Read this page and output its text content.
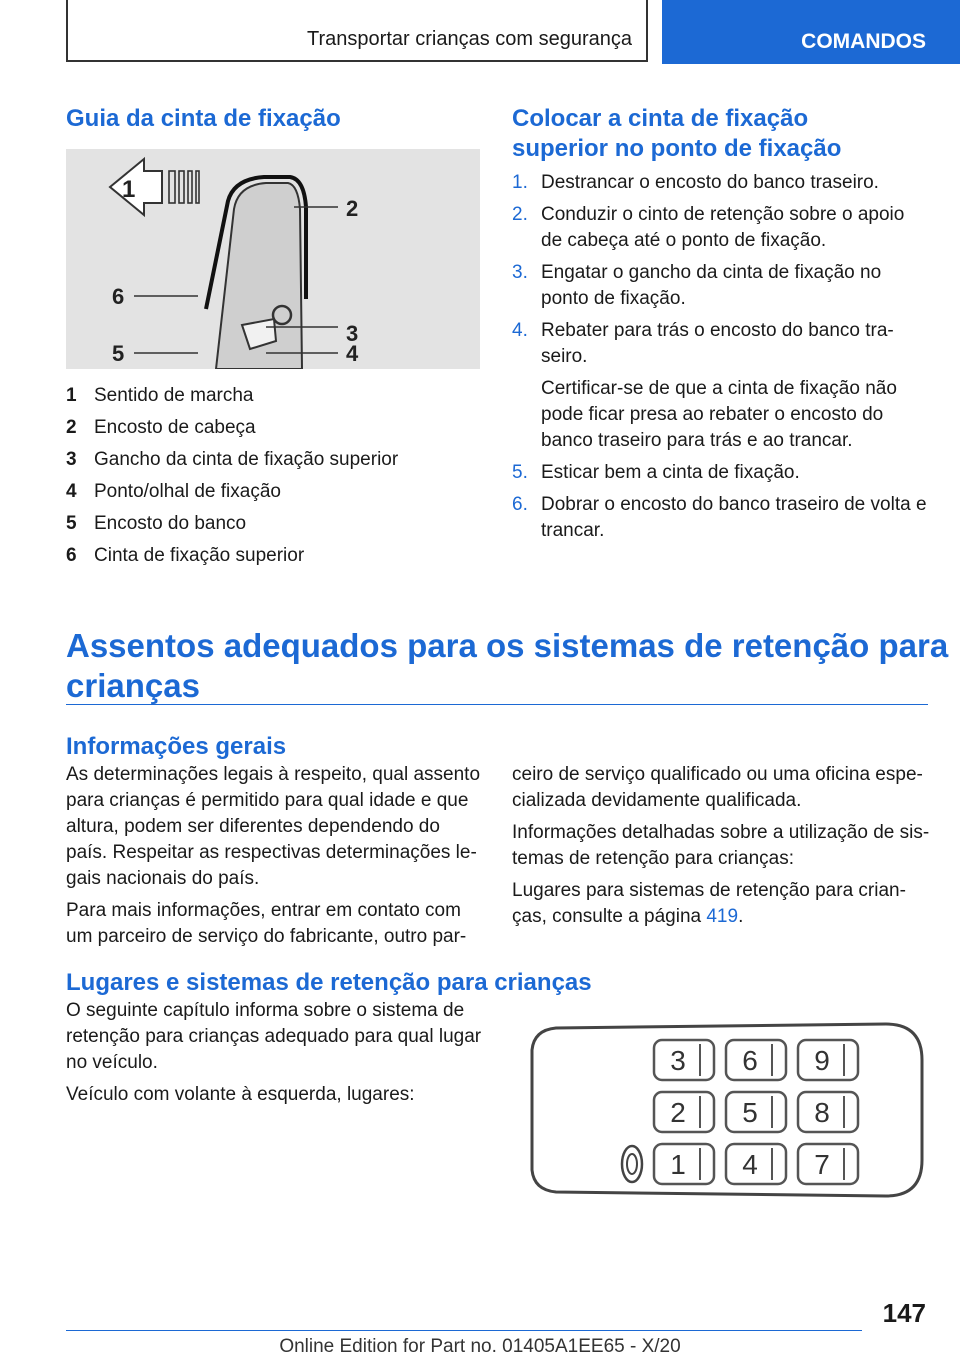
Transportar crianças com segurança	COMANDOS
Guia da cinta de fixação
1
2
6
3
5	4
1 Sentido de marcha
2 Encosto de cabeça
3 Gancho da cinta de fixação superior
4 Ponto/olhal de fixação
5 Encosto do banco
6 Cinta de fixação superior
Colocar a cinta de fixação
superior no ponto de fixação
1. Destrancar o encosto do banco traseiro.
2. Conduzir o cinto de retenção sobre o apoio
de cabeça até o ponto de fixação.
3. Engatar o gancho da cinta de fixação no
ponto de fixação.
4. Rebater para trás o encosto do banco tra-
seiro.
Certificar-se de que a cinta de fixação não
pode ficar presa ao rebater o encosto do
banco traseiro para trás e ao trancar.
5. Esticar bem a cinta de fixação.
6. Dobrar o encosto do banco traseiro de volta e
trancar.
Assentos adequados para os sistemas de retenção para
crianças
Informações gerais

As determinações legais à respeito, qual assento
para crianças é permitido para qual idade e que
altura, podem ser diferentes dependendo do
país. Respeitar as respectivas determinações le-
gais nacionais do país.

Para mais informações, entrar em contato com
um parceiro de serviço do fabricante, outro par-

ceiro de serviço qualificado ou uma oficina espe-
cializada devidamente qualificada.

Informações detalhadas sobre a utilização de sis-
temas de retenção para crianças:

Lugares para sistemas de retenção para crian-
ças, consulte a página 419.

Lugares e sistemas de retenção para crianças

O seguinte capítulo informa sobre o sistema de
retenção para crianças adequado para qual lugar
no veículo.

Veículo com volante à esquerda, lugares:

3 6 9
2 5 8
1 4 7
147
Online Edition for Part no. 01405A1EE65 - X/20
